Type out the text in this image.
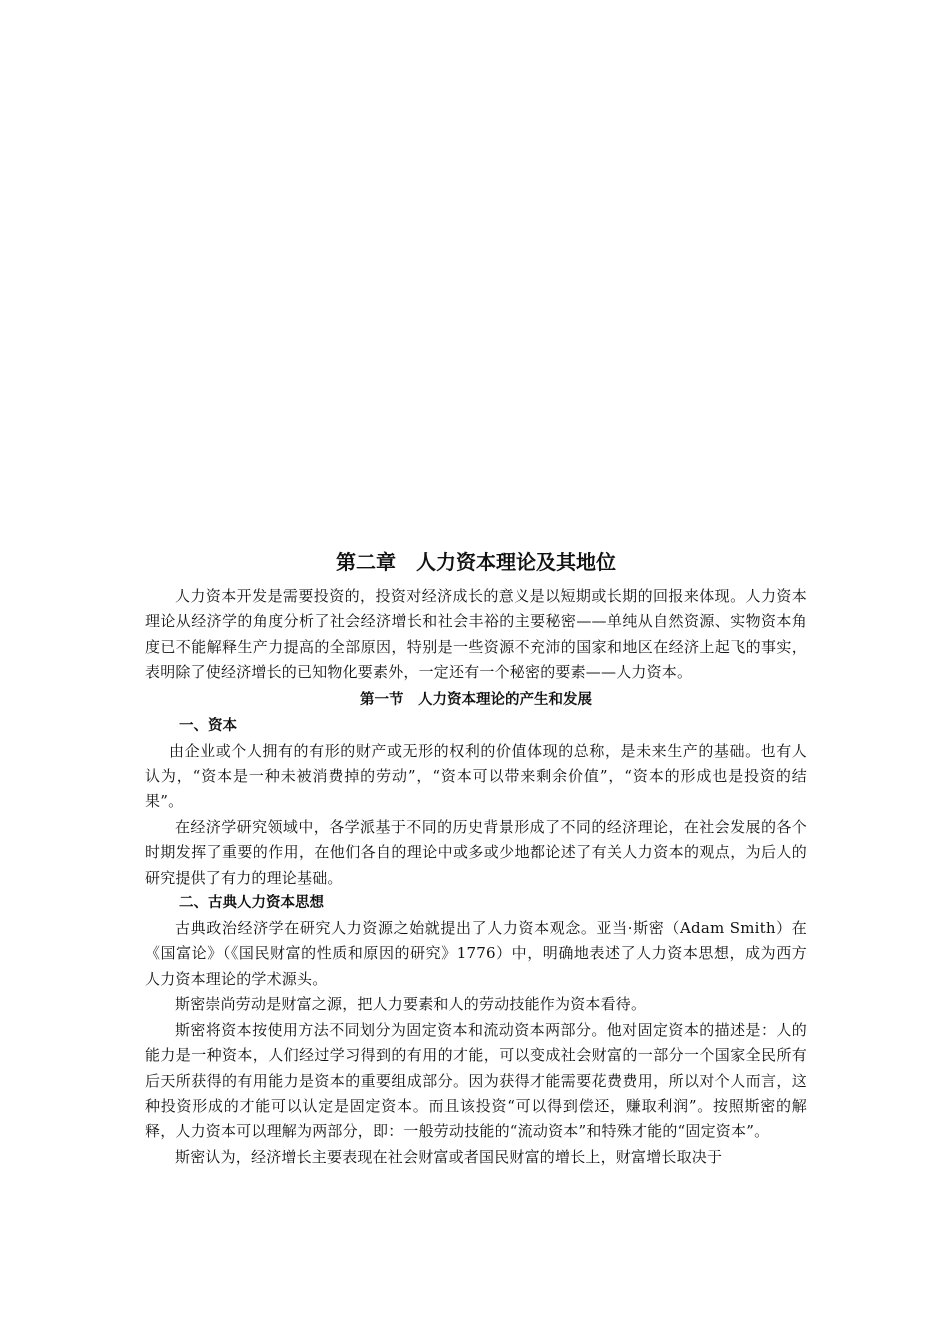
第二章　人力资本理论及其地位

人力资本开发是需要投资的，投资对经济成长的意义是以短期或长期的回报来体现。人力资本理论从经济学的角度分析了社会经济增长和社会丰裕的主要秘密——单纯从自然资源、实物资本角度已不能解释生产力提高的全部原因，特别是一些资源不充沛的国家和地区在经济上起飞的事实，表明除了使经济增长的已知物化要素外，一定还有一个秘密的要素——人力资本。

第一节　人力资本理论的产生和发展
一、资本

由企业或个人拥有的有形的财产或无形的权利的价值体现的总称，是未来生产的基础。也有人认为，“资本是一种未被消费掉的劳动”，“资本可以带来剩余价值”，“资本的形成也是投资的结果”。

在经济学研究领域中，各学派基于不同的历史背景形成了不同的经济理论，在社会发展的各个时期发挥了重要的作用，在他们各自的理论中或多或少地都论述了有关人力资本的观点，为后人的研究提供了有力的理论基础。

二、古典人力资本思想

古典政治经济学在研究人力资源之始就提出了人力资本观念。亚当·斯密（Adam Smith）在《国富论》（《国民财富的性质和原因的研究》1776）中，明确地表述了人力资本思想，成为西方人力资本理论的学术源头。

斯密崇尚劳动是财富之源，把人力要素和人的劳动技能作为资本看待。

斯密将资本按使用方法不同划分为固定资本和流动资本两部分。他对固定资本的描述是：人的能力是一种资本，人们经过学习得到的有用的才能，可以变成社会财富的一部分一个国家全民所有后天所获得的有用能力是资本的重要组成部分。因为获得才能需要花费费用，所以对个人而言，这种投资形成的才能可以认定是固定资本。而且该投资“可以得到偿还，赚取利润”。按照斯密的解释，人力资本可以理解为两部分，即：一般劳动技能的“流动资本”和特殊才能的“固定资本”。

斯密认为，经济增长主要表现在社会财富或者国民财富的增长上，财富增长取决于
